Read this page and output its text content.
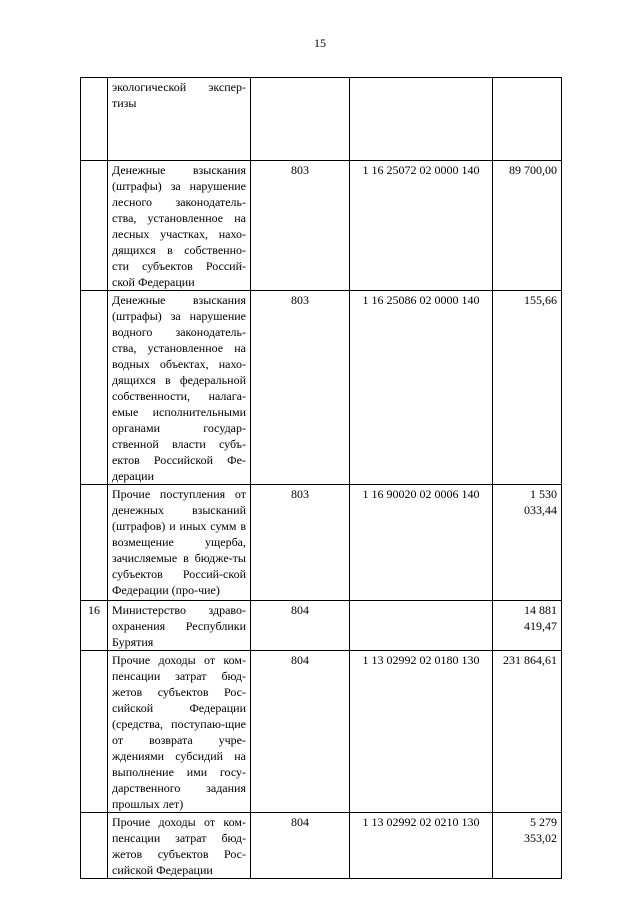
15
	экологической экспер-тизы			
	Денежные взыскания (штрафы) за нарушение лесного законодатель-ства, установленное на лесных участках, нахо-дящихся в собственно-сти субъектов Россий-ской Федерации	803	1 16 25072 02 0000 140	89 700,00
	Денежные взыскания (штрафы) за нарушение водного законодатель-ства, установленное на водных объектах, нахо-дящихся в федеральной собственности, налага-емые исполнительными органами государ-ственной власти субъ-ектов Российской Фе-дерации	803	1 16 25086 02 0000 140	155,66
	Прочие поступления от денежных взысканий (штрафов) и иных сумм в возмещение ущерба, зачисляемые в бюдже-ты субъектов Россий-ской Федерации (про-чие)	803	1 16 90020 02 0006 140	1 530 033,44
16	Министерство здраво-охранения Республики Бурятия	804		14 881 419,47
	Прочие доходы от ком-пенсации затрат бюд-жетов субъектов Рос-сийской Федерации (средства, поступаю-щие от возврата учре-ждениями субсидий на выполнение ими госу-дарственного задания прошлых лет)	804	1 13 02992 02 0180 130	231 864,61
	Прочие доходы от ком-пенсации затрат бюд-жетов субъектов Рос-сийской Федерации	804	1 13 02992 02 0210 130	5 279 353,02
